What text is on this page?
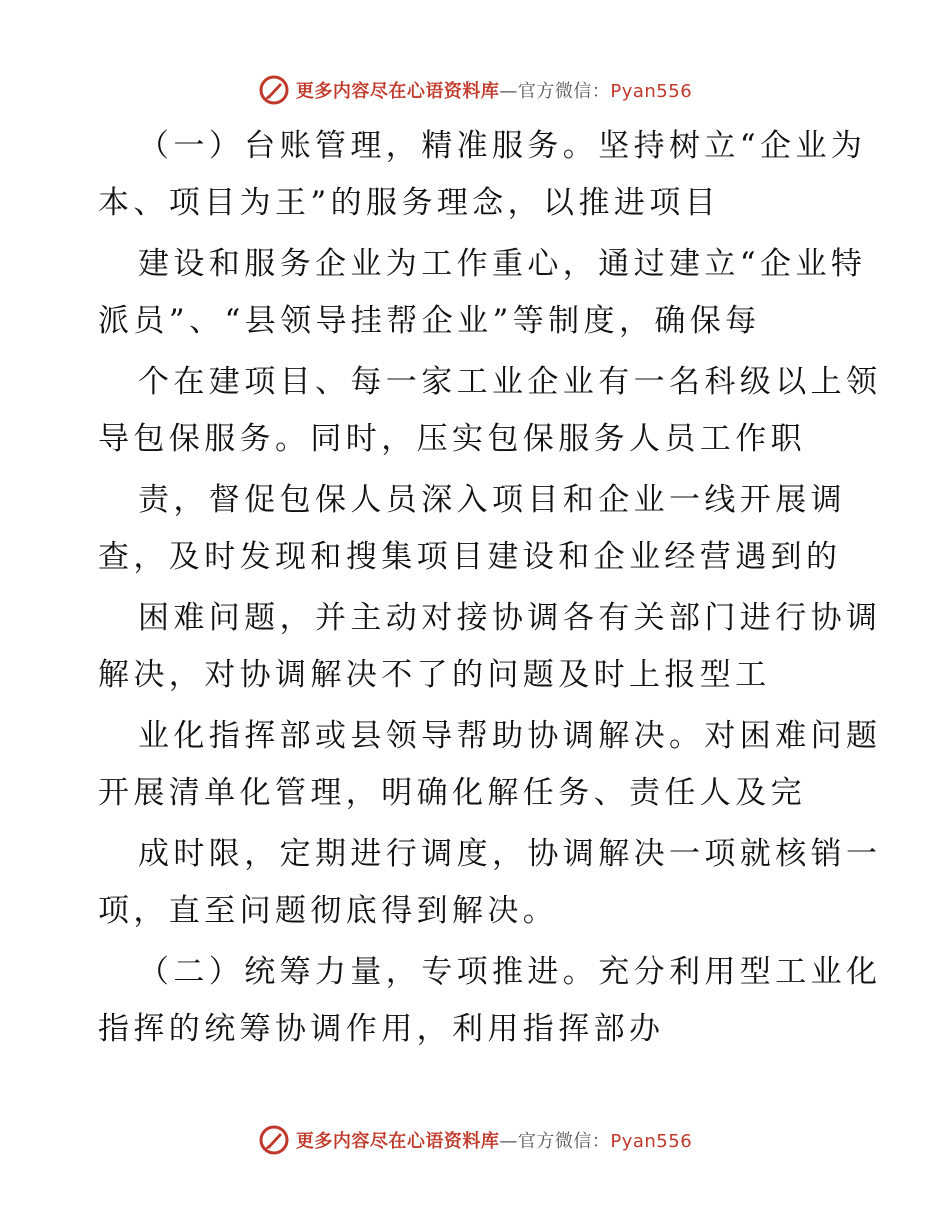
更多内容尽在心语资料库—官方微信：Pyan556
（一）台账管理，精准服务。坚持树立“企业为
本、项目为王”的服务理念，以推进项目
建设和服务企业为工作重心，通过建立“企业特
派员”、“县领导挂帮企业”等制度，确保每
个在建项目、每一家工业企业有一名科级以上领
导包保服务。同时，压实包保服务人员工作职
责，督促包保人员深入项目和企业一线开展调
查，及时发现和搜集项目建设和企业经营遇到的
困难问题，并主动对接协调各有关部门进行协调
解决，对协调解决不了的问题及时上报型工
业化指挥部或县领导帮助协调解决。对困难问题
开展清单化管理，明确化解任务、责任人及完
成时限，定期进行调度，协调解决一项就核销一
项，直至问题彻底得到解决。
（二）统筹力量，专项推进。充分利用型工业化
指挥的统筹协调作用，利用指挥部办
更多内容尽在心语资料库—官方微信：Pyan556
